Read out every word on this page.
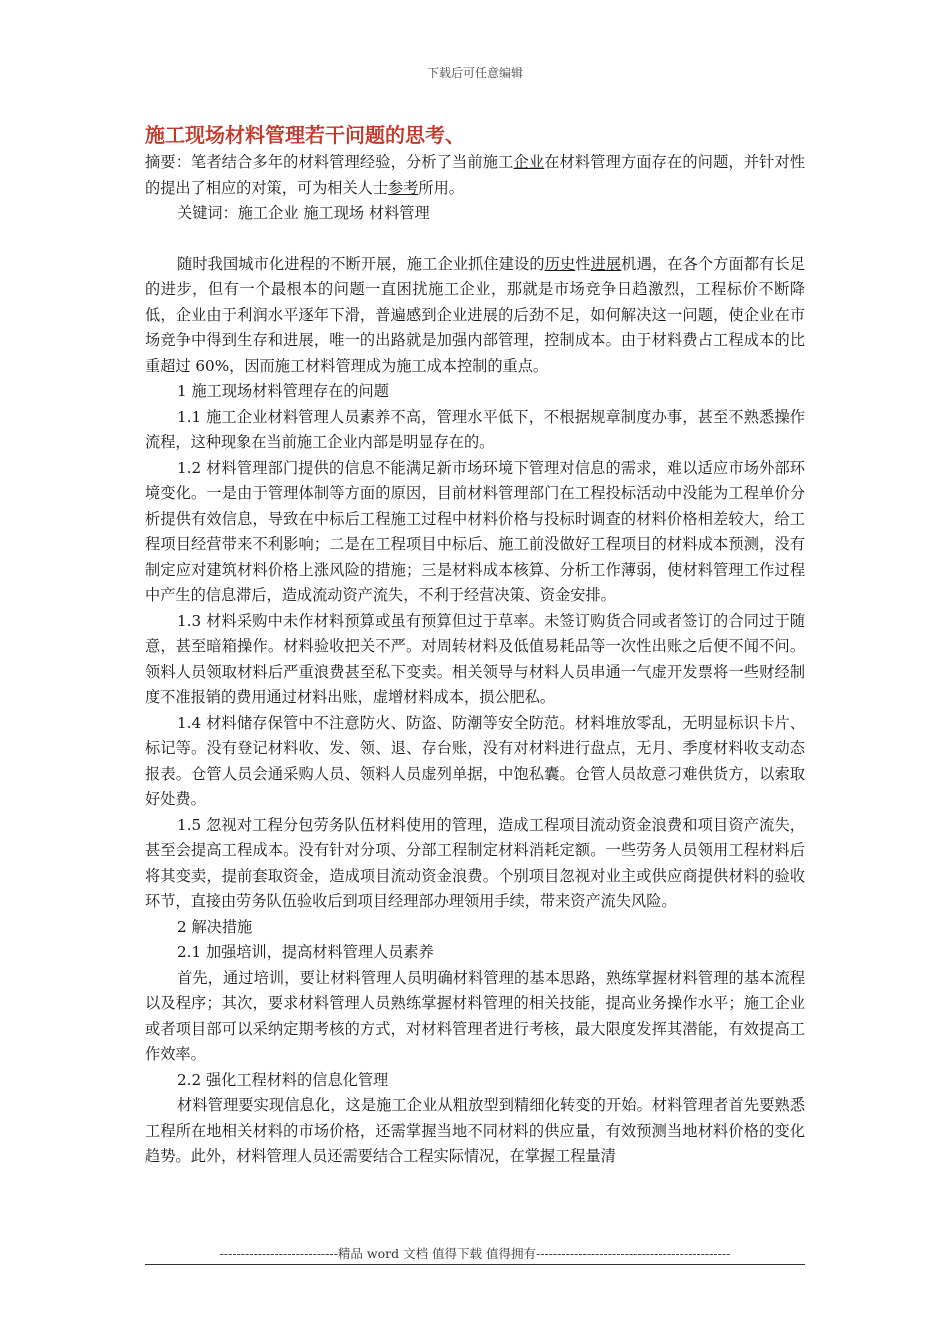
下载后可任意编辑
施工现场材料管理若干问题的思考、

摘要：笔者结合多年的材料管理经验，分析了当前施工企业在材料管理方面存在的问题，并针对性的提出了相应的对策，可为相关人士参考所用。

关键词：施工企业 施工现场 材料管理

随时我国城市化进程的不断开展，施工企业抓住建设的历史性进展机遇，在各个方面都有长足的进步，但有一个最根本的问题一直困扰施工企业，那就是市场竞争日趋激烈，工程标价不断降低，企业由于利润水平逐年下滑，普遍感到企业进展的后劲不足，如何解决这一问题，使企业在市场竞争中得到生存和进展，唯一的出路就是加强内部管理，控制成本。由于材料费占工程成本的比重超过 60%，因而施工材料管理成为施工成本控制的重点。

1 施工现场材料管理存在的问题

1.1 施工企业材料管理人员素养不高，管理水平低下，不根据规章制度办事，甚至不熟悉操作流程，这种现象在当前施工企业内部是明显存在的。

1.2 材料管理部门提供的信息不能满足新市场环境下管理对信息的需求，难以适应市场外部环境变化。一是由于管理体制等方面的原因，目前材料管理部门在工程投标活动中没能为工程单价分析提供有效信息，导致在中标后工程施工过程中材料价格与投标时调查的材料价格相差较大，给工程项目经营带来不利影响；二是在工程项目中标后、施工前没做好工程项目的材料成本预测，没有制定应对建筑材料价格上涨风险的措施；三是材料成本核算、分析工作薄弱，使材料管理工作过程中产生的信息滞后，造成流动资产流失，不利于经营决策、资金安排。

1.3 材料采购中未作材料预算或虽有预算但过于草率。未签订购货合同或者签订的合同过于随意，甚至暗箱操作。材料验收把关不严。对周转材料及低值易耗品等一次性出账之后便不闻不问。领料人员领取材料后严重浪费甚至私下变卖。相关领导与材料人员串通一气虚开发票将一些财经制度不准报销的费用通过材料出账，虚增材料成本，损公肥私。

1.4 材料储存保管中不注意防火、防盗、防潮等安全防范。材料堆放零乱，无明显标识卡片、标记等。没有登记材料收、发、领、退、存台账，没有对材料进行盘点，无月、季度材料收支动态报表。仓管人员会通采购人员、领料人员虚列单据，中饱私囊。仓管人员故意刁难供货方，以索取好处费。

1.5 忽视对工程分包劳务队伍材料使用的管理，造成工程项目流动资金浪费和项目资产流失，甚至会提高工程成本。没有针对分项、分部工程制定材料消耗定额。一些劳务人员领用工程材料后将其变卖，提前套取资金，造成项目流动资金浪费。个别项目忽视对业主或供应商提供材料的验收环节，直接由劳务队伍验收后到项目经理部办理领用手续，带来资产流失风险。

2 解决措施

2.1 加强培训，提高材料管理人员素养

首先，通过培训，要让材料管理人员明确材料管理的基本思路，熟练掌握材料管理的基本流程以及程序；其次，要求材料管理人员熟练掌握材料管理的相关技能，提高业务操作水平；施工企业或者项目部可以采纳定期考核的方式，对材料管理者进行考核，最大限度发挥其潜能，有效提高工作效率。

2.2 强化工程材料的信息化管理

材料管理要实现信息化，这是施工企业从粗放型到精细化转变的开始。材料管理者首先要熟悉工程所在地相关材料的市场价格，还需掌握当地不同材料的供应量，有效预测当地材料价格的变化趋势。此外，材料管理人员还需要结合工程实际情况，在掌握工程量清

----------------------------精品 word 文档 值得下载 值得拥有----------------------------------------------
